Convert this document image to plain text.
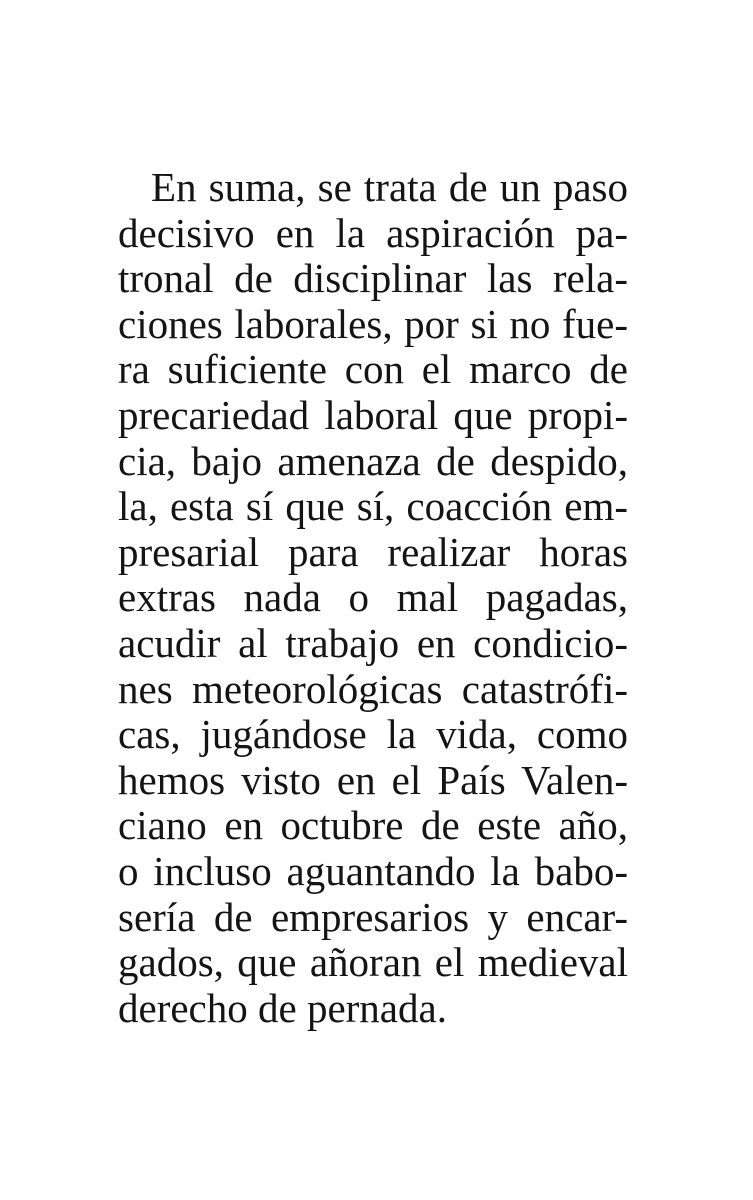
En suma, se trata de un paso
decisivo en la aspiración pa-
tronal de disciplinar las rela-
ciones laborales, por si no fue-
ra suficiente con el marco de
precariedad laboral que propi-
cia, bajo amenaza de despido,
la, esta sí que sí, coacción em-
presarial para realizar horas
extras nada o mal pagadas,
acudir al trabajo en condicio-
nes meteorológicas catastrófi-
cas, jugándose la vida, como
hemos visto en el País Valen-
ciano en octubre de este año,
o incluso aguantando la babo-
sería de empresarios y encar-
gados, que añoran el medieval
derecho de pernada.
